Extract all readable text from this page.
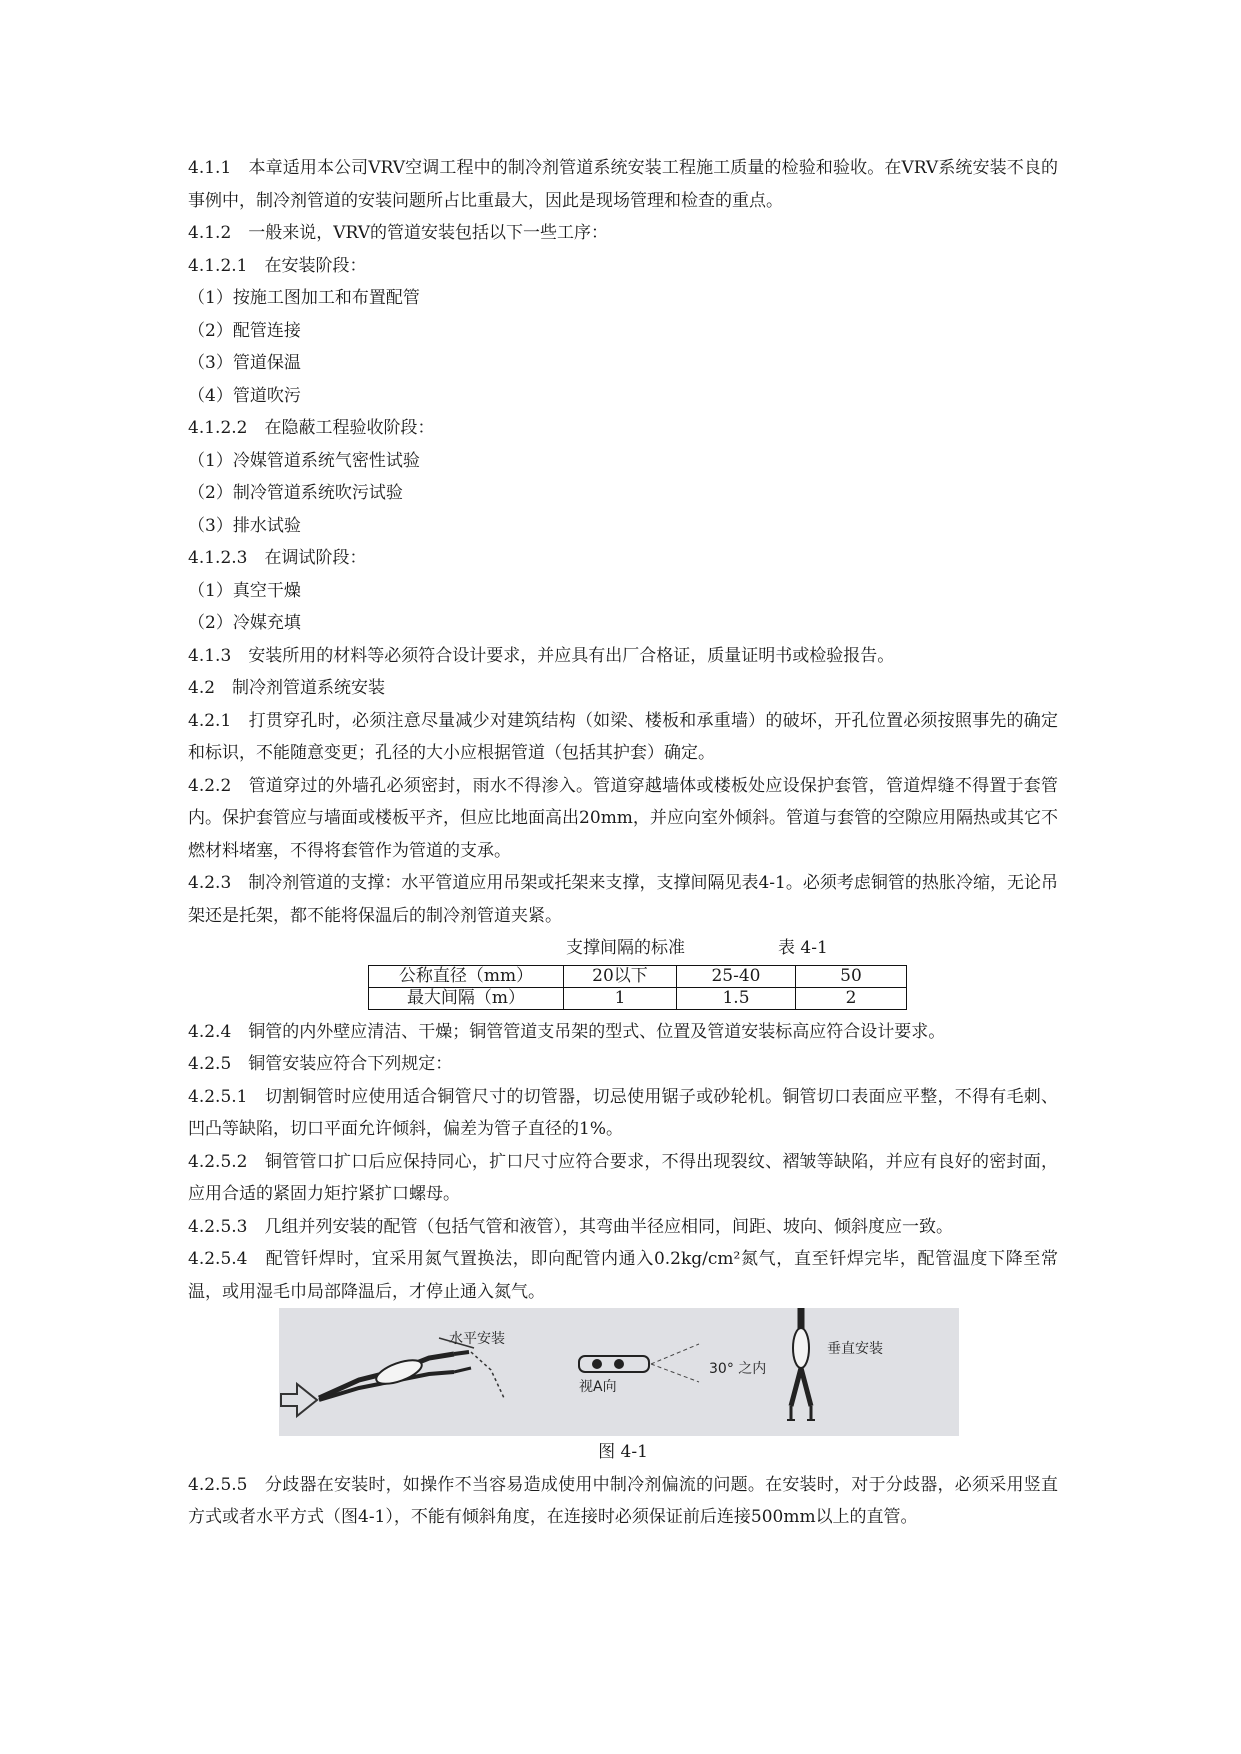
4.1.1　本章适用本公司VRV空调工程中的制冷剂管道系统安装工程施工质量的检验和验收。在VRV系统安装不良的事例中，制冷剂管道的安装问题所占比重最大，因此是现场管理和检查的重点。
4.1.2　一般来说，VRV的管道安装包括以下一些工序：
4.1.2.1　在安装阶段：
（1）按施工图加工和布置配管
（2）配管连接
（3）管道保温
（4）管道吹污
4.1.2.2　在隐蔽工程验收阶段：
（1）冷媒管道系统气密性试验
（2）制冷管道系统吹污试验
（3）排水试验
4.1.2.3　在调试阶段：
（1）真空干燥
（2）冷媒充填
4.1.3　安装所用的材料等必须符合设计要求，并应具有出厂合格证，质量证明书或检验报告。
4.2　制冷剂管道系统安装
4.2.1　打贯穿孔时，必须注意尽量减少对建筑结构（如梁、楼板和承重墙）的破坏，开孔位置必须按照事先的确定和标识，不能随意变更；孔径的大小应根据管道（包括其护套）确定。
4.2.2　管道穿过的外墙孔必须密封，雨水不得渗入。管道穿越墙体或楼板处应设保护套管，管道焊缝不得置于套管内。保护套管应与墙面或楼板平齐，但应比地面高出20mm，并应向室外倾斜。管道与套管的空隙应用隔热或其它不燃材料堵塞，不得将套管作为管道的支承。
4.2.3　制冷剂管道的支撑：水平管道应用吊架或托架来支撑，支撑间隔见表4-1。必须考虑铜管的热胀冷缩，无论吊架还是托架，都不能将保温后的制冷剂管道夹紧。
支撑间隔的标准	表 4-1
公称直径（mm）	20以下	25-40	50
最大间隔（m）	1	1.5	2
4.2.4　铜管的内外壁应清洁、干燥；铜管管道支吊架的型式、位置及管道安装标高应符合设计要求。
4.2.5　铜管安装应符合下列规定：
4.2.5.1　切割铜管时应使用适合铜管尺寸的切管器，切忌使用锯子或砂轮机。铜管切口表面应平整，不得有毛刺、凹凸等缺陷，切口平面允许倾斜，偏差为管子直径的1%。
4.2.5.2　铜管管口扩口后应保持同心，扩口尺寸应符合要求，不得出现裂纹、褶皱等缺陷，并应有良好的密封面，应用合适的紧固力矩拧紧扩口螺母。
4.2.5.3　几组并列安装的配管（包括气管和液管），其弯曲半径应相同，间距、坡向、倾斜度应一致。
4.2.5.4　配管钎焊时，宜采用氮气置换法，即向配管内通入0.2kg/cm²氮气，直至钎焊完毕，配管温度下降至常温，或用湿毛巾局部降温后，才停止通入氮气。
水平安装
视A向
30° 之内
垂直安装
图 4-1
4.2.5.5　分歧器在安装时，如操作不当容易造成使用中制冷剂偏流的问题。在安装时，对于分歧器，必须采用竖直方式或者水平方式（图4-1），不能有倾斜角度，在连接时必须保证前后连接500mm以上的直管。
